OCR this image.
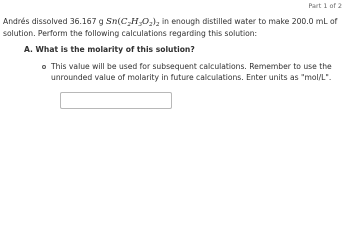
Part 1 of 2
Andrés dissolved 36.167 g $Sn(C_2H_3O_2)_2$ in enough distilled water to make 200.0 mL of solution. Perform the following calculations regarding this solution:
A. What is the molarity of this solution?
This value will be used for subsequent calculations. Remember to use the unrounded value of molarity in future calculations. Enter units as "mol/L".
